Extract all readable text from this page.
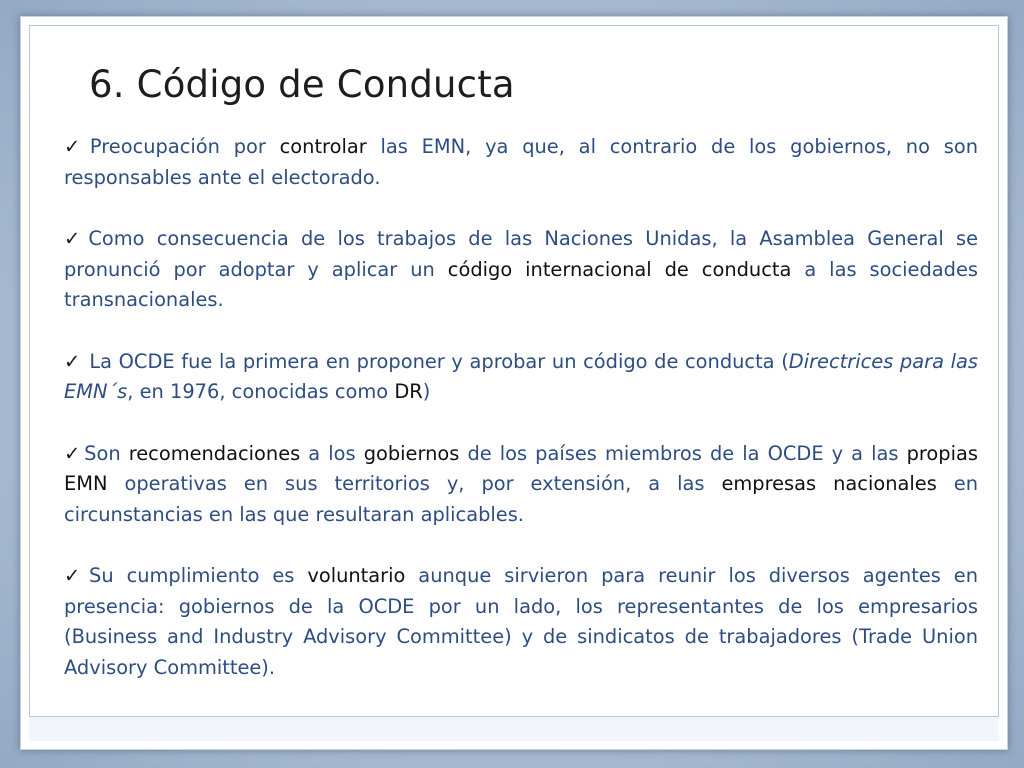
6. Código de Conducta

✓ Preocupación por controlar las EMN, ya que, al contrario de los gobiernos, no son responsables ante el electorado.

✓ Como consecuencia de los trabajos de las Naciones Unidas, la Asamblea General se pronunció por adoptar y aplicar un código internacional de conducta a las sociedades transnacionales.

✓ La OCDE fue la primera en proponer y aprobar un código de conducta (Directrices para las EMN´s, en 1976, conocidas como DR)

✓ Son recomendaciones a los gobiernos de los países miembros de la OCDE y a las propias EMN operativas en sus territorios y, por extensión, a las empresas nacionales en circunstancias en las que resultaran aplicables.

✓ Su cumplimiento es voluntario aunque sirvieron para reunir los diversos agentes en presencia: gobiernos de la OCDE por un lado, los representantes de los empresarios (Business and Industry Advisory Committee) y de sindicatos de trabajadores (Trade Union Advisory Committee).
